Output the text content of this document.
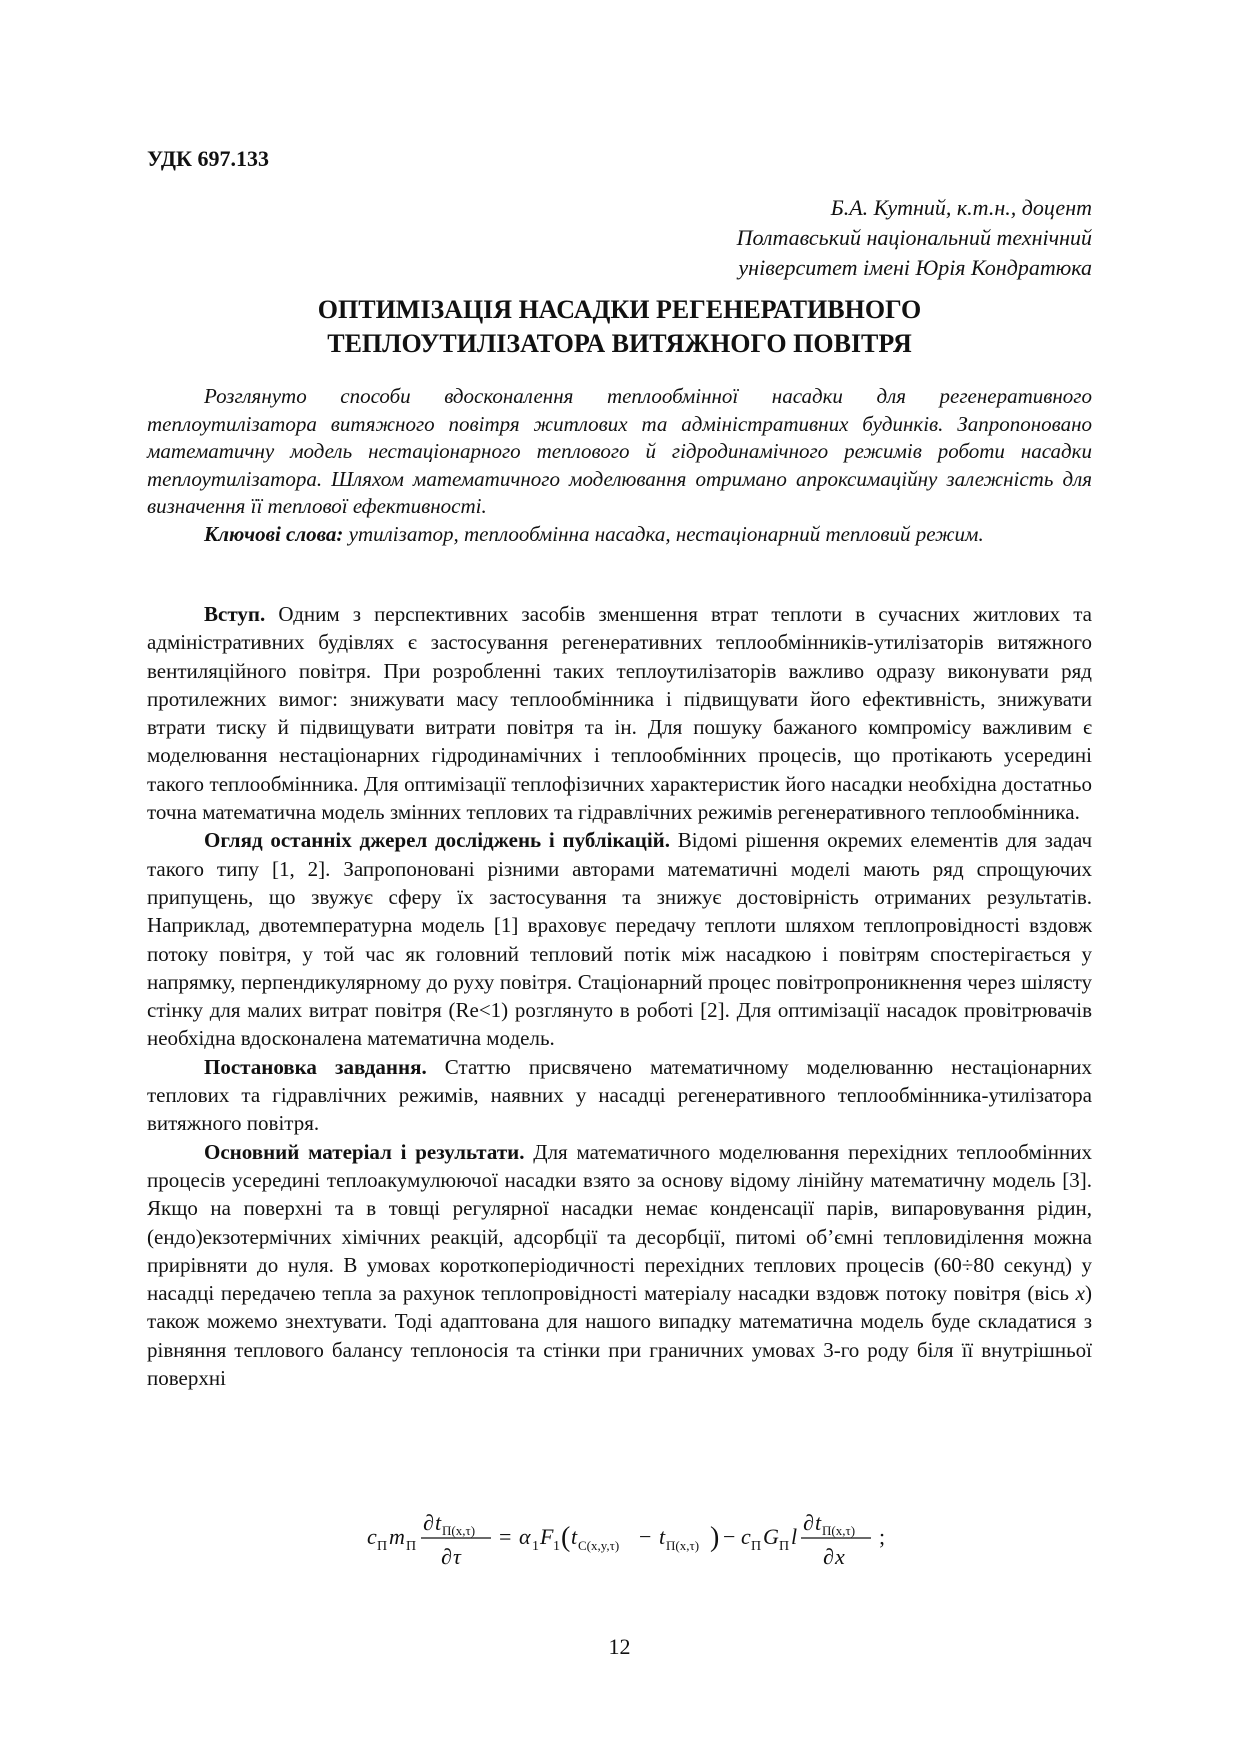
УДК 697.133
Б.А. Кутний, к.т.н., доцент
Полтавський національний технічний
університет імені Юрія Кондратюка
ОПТИМІЗАЦІЯ НАСАДКИ РЕГЕНЕРАТИВНОГО
ТЕПЛОУТИЛІЗАТОРА ВИТЯЖНОГО ПОВІТРЯ

Розглянуто способи вдосконалення теплообмінної насадки для регенеративного теплоутилізатора витяжного повітря житлових та адміністративних будинків. Запропоновано математичну модель нестаціонарного теплового й гідродинамічного режимів роботи насадки теплоутилізатора. Шляхом математичного моделювання отримано апроксимаційну залежність для визначення її теплової ефективності.

Ключові слова: утилізатор, теплообмінна насадка, нестаціонарний тепловий режим.

Вступ. Одним з перспективних засобів зменшення втрат теплоти в сучасних житлових та адміністративних будівлях є застосування регенеративних теплообмінників-утилізаторів витяжного вентиляційного повітря. При розробленні таких теплоутилізаторів важливо одразу виконувати ряд протилежних вимог: знижувати масу теплообмінника і підвищувати його ефективність, знижувати втрати тиску й підвищувати витрати повітря та ін. Для пошуку бажаного компромісу важливим є моделювання нестаціонарних гідродинамічних і теплообмінних процесів, що протікають усередині такого теплообмінника. Для оптимізації теплофізичних характеристик його насадки необхідна достатньо точна математична модель змінних теплових та гідравлічних режимів регенеративного теплообмінника.

Огляд останніх джерел досліджень і публікацій. Відомі рішення окремих елементів для задач такого типу [1, 2]. Запропоновані різними авторами математичні моделі мають ряд спрощуючих припущень, що звужує сферу їх застосування та знижує достовірність отриманих результатів. Наприклад, двотемпературна модель [1] враховує передачу теплоти шляхом теплопровідності вздовж потоку повітря, у той час як головний тепловий потік між насадкою і повітрям спостерігається у напрямку, перпендикулярному до руху повітря. Стаціонарний процес повітропроникнення через шілясту стінку для малих витрат повітря (Re<1) розглянуто в роботі [2]. Для оптимізації насадок провітрювачів необхідна вдосконалена математична модель.

Постановка завдання. Статтю присвячено математичному моделюванню нестаціонарних теплових та гідравлічних режимів, наявних у насадці регенеративного теплообмінника-утилізатора витяжного повітря.

Основний матеріал і результати. Для математичного моделювання перехідних теплообмінних процесів усередині теплоакумулюючої насадки взято за основу відому лінійну математичну модель [3]. Якщо на поверхні та в товщі регулярної насадки немає конденсації парів, випаровування рідин, (ендо)екзотермічних хімічних реакцій, адсорбції та десорбції, питомі об’ємні тепловиділення можна прирівняти до нуля. В умовах короткоперіодичності перехідних теплових процесів (60÷80 секунд) у насадці передачею тепла за рахунок теплопровідності матеріалу насадки вздовж потоку повітря (вісь x) також можемо знехтувати. Тоді адаптована для нашого випадку математична модель буде складатися з рівняння теплового балансу теплоносія та стінки при граничних умовах 3-го роду біля її внутрішньої поверхні

c П m П
∂ t П(x,τ)
∂ τ
= α 1 F 1 ( t C(x,y,τ) − t П(x,τ) ) − c П G П l
∂ t П(x,τ)
∂ x
;
12
